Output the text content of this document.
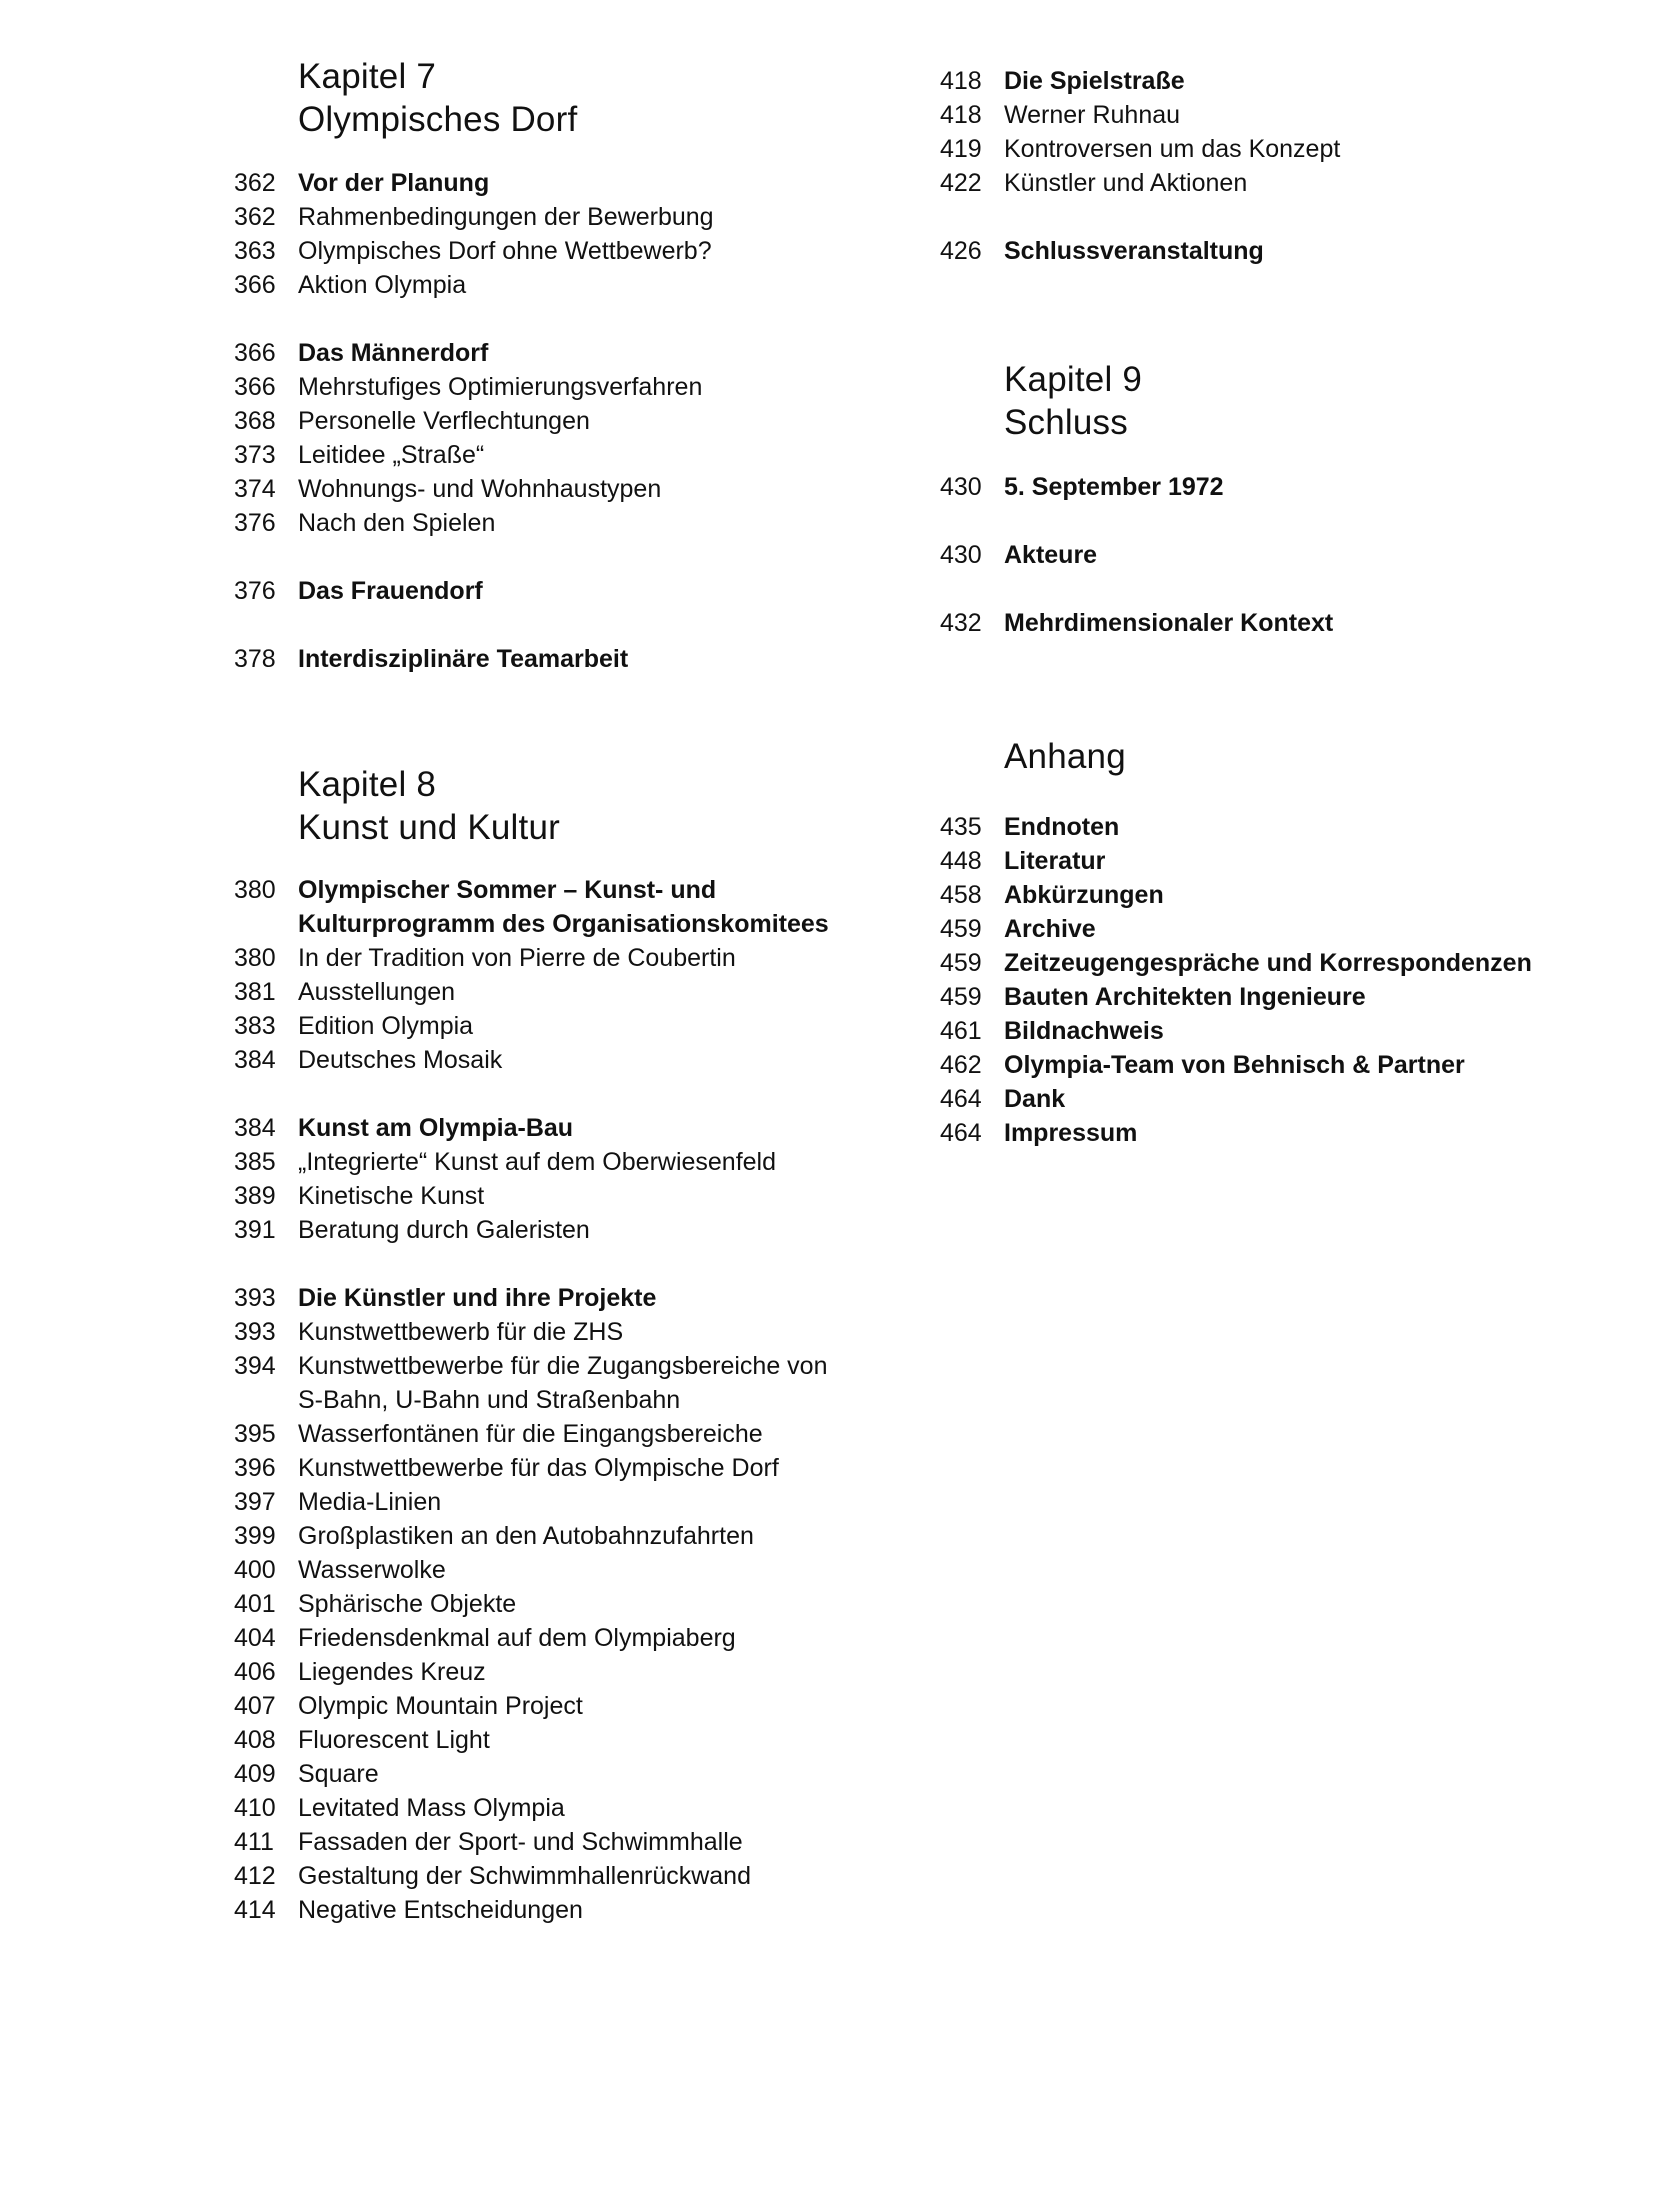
Kapitel 7
Olympisches Dorf
362 Vor der Planung
362 Rahmenbedingungen der Bewerbung
363 Olympisches Dorf ohne Wettbewerb?
366 Aktion Olympia
366 Das Männerdorf
366 Mehrstufiges Optimierungsverfahren
368 Personelle Verflechtungen
373 Leitidee „Straße“
374 Wohnungs- und Wohnhaustypen
376 Nach den Spielen
376 Das Frauendorf
378 Interdisziplinäre Teamarbeit
Kapitel 8
Kunst und Kultur
380 Olympischer Sommer – Kunst- und
Kulturprogramm des Organisationskomitees
380 In der Tradition von Pierre de Coubertin
381 Ausstellungen
383 Edition Olympia
384 Deutsches Mosaik
384 Kunst am Olympia-Bau
385 „Integrierte“ Kunst auf dem Oberwiesenfeld
389 Kinetische Kunst
391 Beratung durch Galeristen
393 Die Künstler und ihre Projekte
393 Kunstwettbewerb für die ZHS
394 Kunstwettbewerbe für die Zugangsbereiche von
S-Bahn, U-Bahn und Straßenbahn
395 Wasserfontänen für die Eingangsbereiche
396 Kunstwettbewerbe für das Olympische Dorf
397 Media-Linien
399 Großplastiken an den Autobahnzufahrten
400 Wasserwolke
401 Sphärische Objekte
404 Friedensdenkmal auf dem Olympiaberg
406 Liegendes Kreuz
407 Olympic Mountain Project
408 Fluorescent Light
409 Square
410 Levitated Mass Olympia
411 Fassaden der Sport- und Schwimmhalle
412 Gestaltung der Schwimmhallenrückwand
414 Negative Entscheidungen
418 Die Spielstraße
418 Werner Ruhnau
419 Kontroversen um das Konzept
422 Künstler und Aktionen
426 Schlussveranstaltung
Kapitel 9
Schluss
430 5. September 1972
430 Akteure
432 Mehrdimensionaler Kontext
Anhang
435 Endnoten
448 Literatur
458 Abkürzungen
459 Archive
459 Zeitzeugengespräche und Korrespondenzen
459 Bauten Architekten Ingenieure
461 Bildnachweis
462 Olympia-Team von Behnisch & Partner
464 Dank
464 Impressum
